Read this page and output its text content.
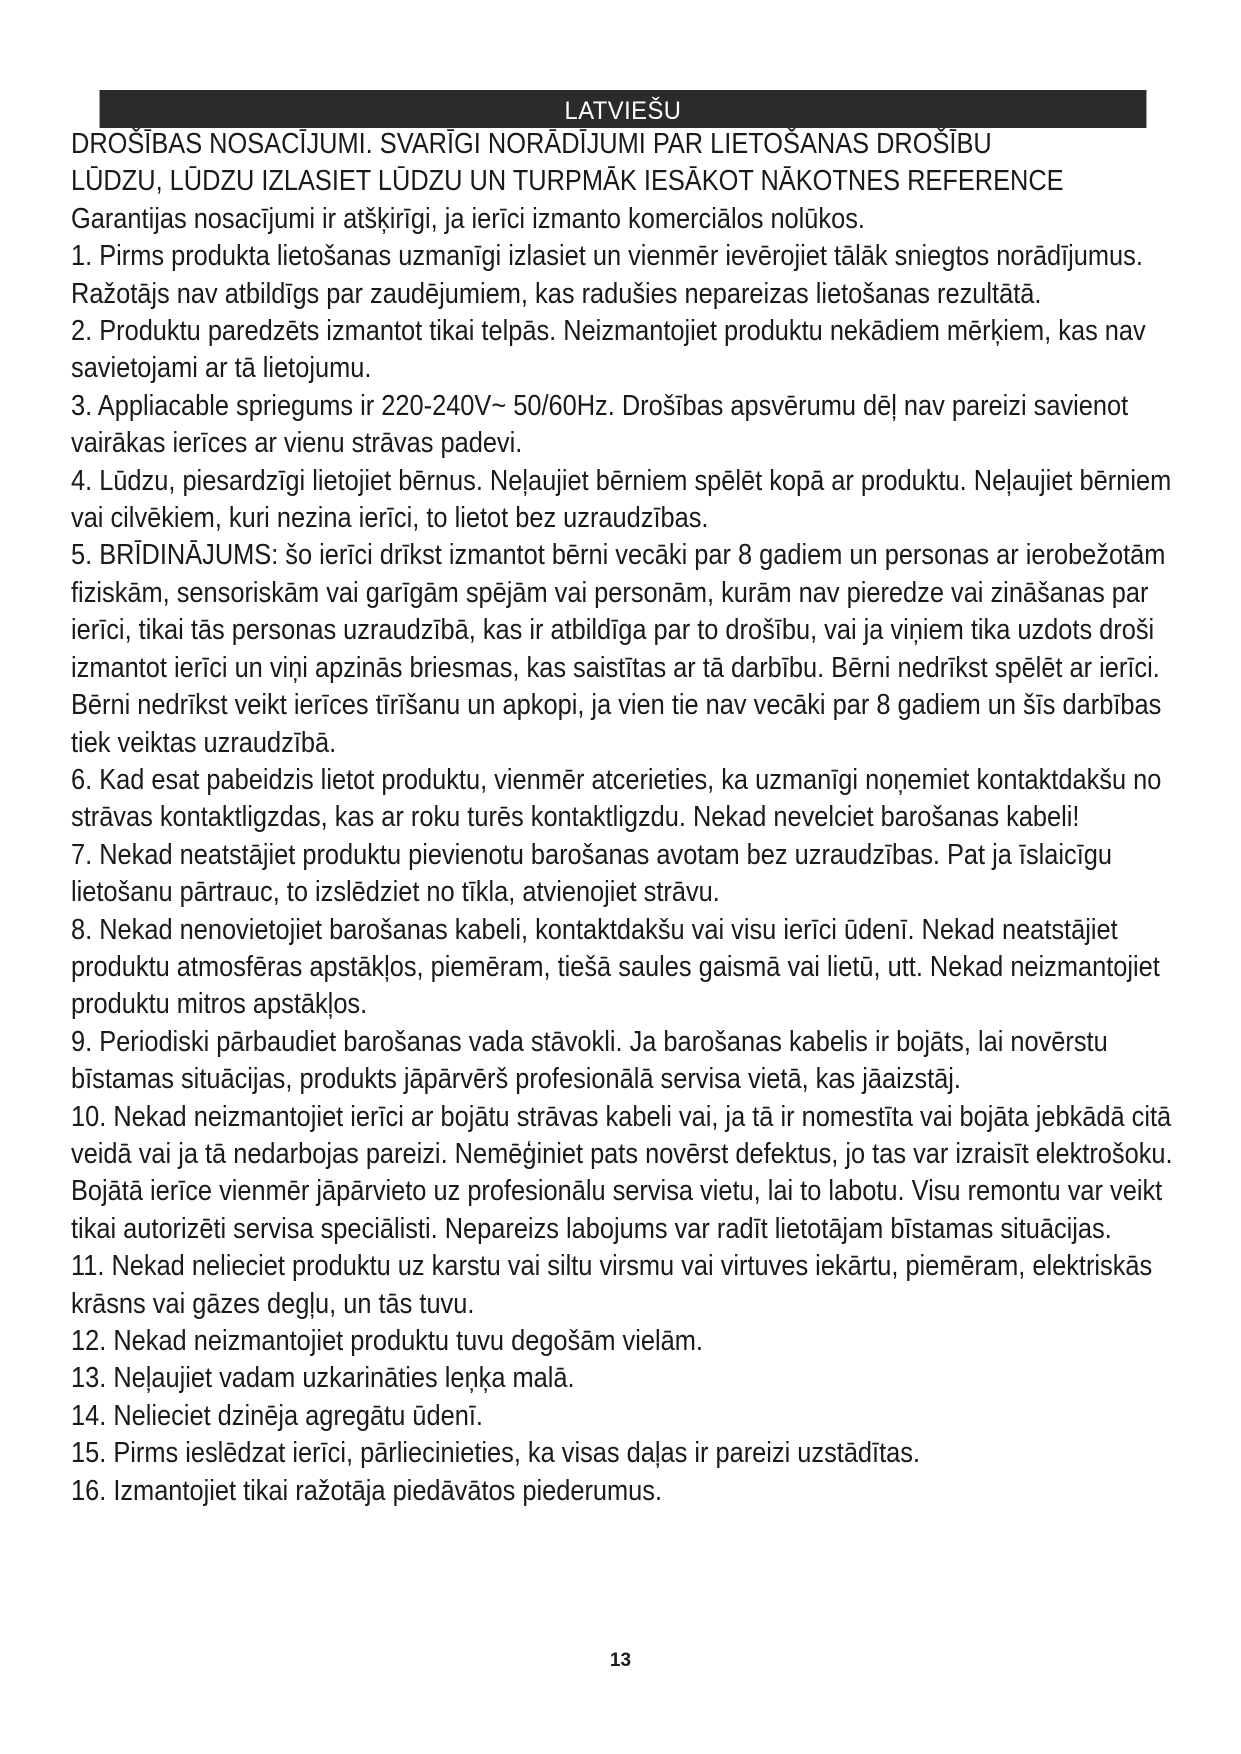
LATVIEŠU

DROŠĪBAS NOSACĪJUMI. SVARĪGI NORĀDĪJUMI PAR LIETOŠANAS DROŠĪBU

LŪDZU, LŪDZU IZLASIET LŪDZU UN TURPMĀK IESĀKOT NĀKOTNES REFERENCE

Garantijas nosacījumi ir atšķirīgi, ja ierīci izmanto komerciālos nolūkos.

1. Pirms produkta lietošanas uzmanīgi izlasiet un vienmēr ievērojiet tālāk sniegtos norādījumus. Ražotājs nav atbildīgs par zaudējumiem, kas radušies nepareizas lietošanas rezultātā.

2. Produktu paredzēts izmantot tikai telpās. Neizmantojiet produktu nekādiem mērķiem, kas nav savietojami ar tā lietojumu.

3. Appliacable spriegums ir 220-240V~ 50/60Hz. Drošības apsvērumu dēļ nav pareizi savienot vairākas ierīces ar vienu strāvas padevi.

4. Lūdzu, piesardzīgi lietojiet bērnus. Neļaujiet bērniem spēlēt kopā ar produktu. Neļaujiet bērniem vai cilvēkiem, kuri nezina ierīci, to lietot bez uzraudzības.

5. BRĪDINĀJUMS: šo ierīci drīkst izmantot bērni vecāki par 8 gadiem un personas ar ierobežotām fiziskām, sensoriskām vai garīgām spējām vai personām, kurām nav pieredze vai zināšanas par ierīci, tikai tās personas uzraudzībā, kas ir atbildīga par to drošību, vai ja viņiem tika uzdots droši izmantot ierīci un viņi apzinās briesmas, kas saistītas ar tā darbību. Bērni nedrīkst spēlēt ar ierīci. Bērni nedrīkst veikt ierīces tīrīšanu un apkopi, ja vien tie nav vecāki par 8 gadiem un šīs darbības tiek veiktas uzraudzībā.

6. Kad esat pabeidzis lietot produktu, vienmēr atcerieties, ka uzmanīgi noņemiet kontaktdakšu no strāvas kontaktligzdas, kas ar roku turēs kontaktligzdu. Nekad nevelciet barošanas kabeli!

7. Nekad neatstājiet produktu pievienotu barošanas avotam bez uzraudzības. Pat ja īslaicīgu lietošanu pārtrauc, to izslēdziet no tīkla, atvienojiet strāvu.

8. Nekad nenovietojiet barošanas kabeli, kontaktdakšu vai visu ierīci ūdenī. Nekad neatstājiet produktu atmosfēras apstākļos, piemēram, tiešā saules gaismā vai lietū, utt. Nekad neizmantojiet produktu mitros apstākļos.

9. Periodiski pārbaudiet barošanas vada stāvokli. Ja barošanas kabelis ir bojāts, lai novērstu bīstamas situācijas, produkts jāpārvērš profesionālā servisa vietā, kas jāaizstāj.

10. Nekad neizmantojiet ierīci ar bojātu strāvas kabeli vai, ja tā ir nomestīta vai bojāta jebkādā citā veidā vai ja tā nedarbojas pareizi. Nemēģiniet pats novērst defektus, jo tas var izraisīt elektrošoku. Bojātā ierīce vienmēr jāpārvieto uz profesionālu servisa vietu, lai to labotu. Visu remontu var veikt tikai autorizēti servisa speciālisti. Nepareizs labojums var radīt lietotājam bīstamas situācijas.

11. Nekad nelieciet produktu uz karstu vai siltu virsmu vai virtuves iekārtu, piemēram, elektriskās krāsns vai gāzes degļu, un tās tuvu.

12. Nekad neizmantojiet produktu tuvu degošām vielām.

13. Neļaujiet vadam uzkarināties leņķa malā.

14. Nelieciet dzinēja agregātu ūdenī.

15. Pirms ieslēdzat ierīci, pārliecinieties, ka visas daļas ir pareizi uzstādītas.

16. Izmantojiet tikai ražotāja piedāvātos piederumus.

13
